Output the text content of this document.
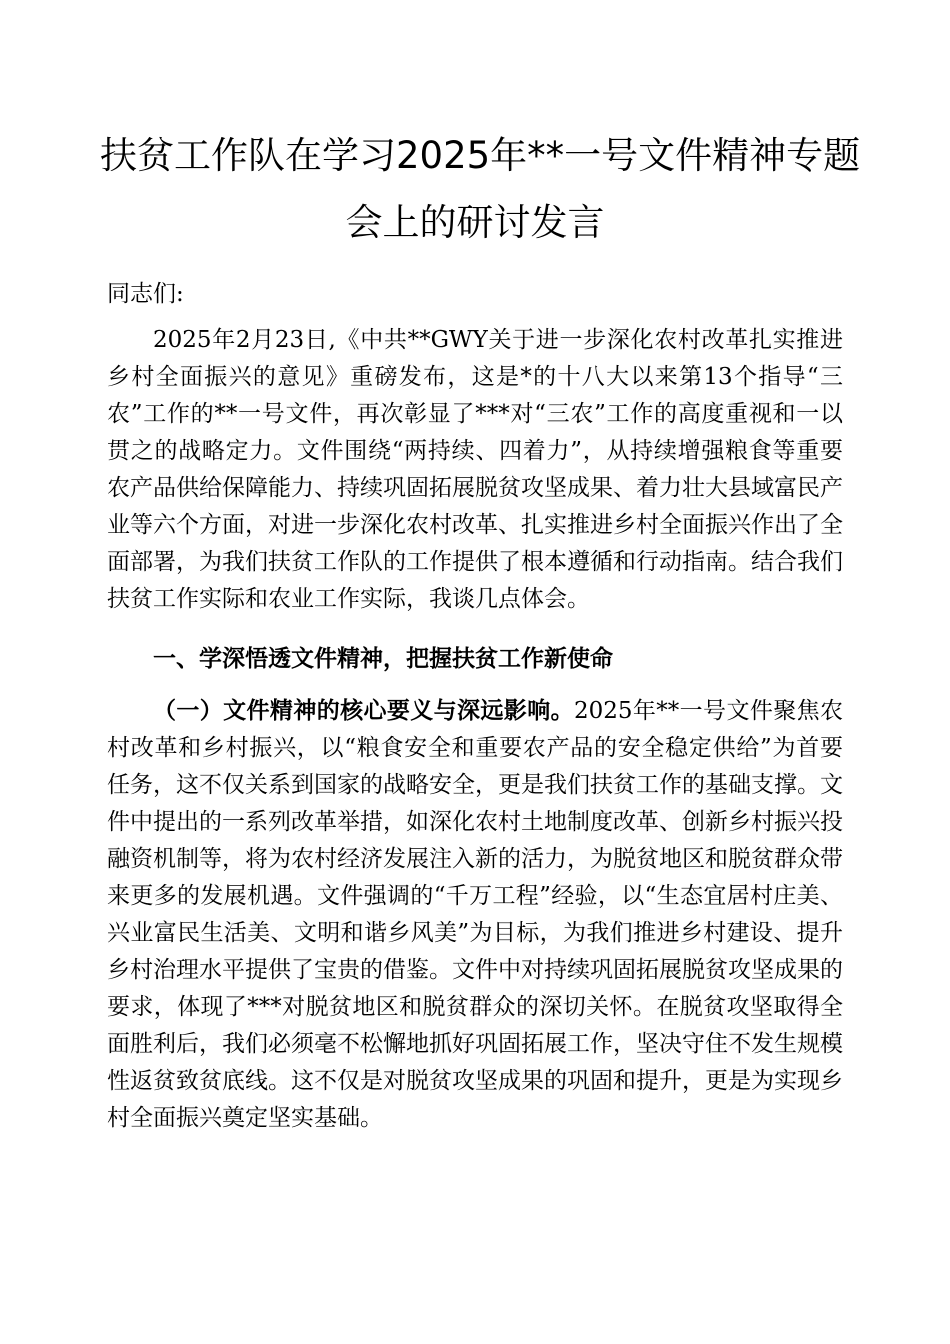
扶贫工作队在学习2025年**一号文件精神专题
会上的研讨发言
同志们:

2025年2月23日,《中共**GWY关于进一步深化农村改革扎实推进乡村全面振兴的意见》重磅发布，这是*的十八大以来第13个指导“三农”工作的**一号文件，再次彰显了***对“三农”工作的高度重视和一以贯之的战略定力。文件围绕“两持续、四着力”，从持续增强粮食等重要农产品供给保障能力、持续巩固拓展脱贫攻坚成果、着力壮大县域富民产业等六个方面，对进一步深化农村改革、扎实推进乡村全面振兴作出了全面部署，为我们扶贫工作队的工作提供了根本遵循和行动指南。结合我们扶贫工作实际和农业工作实际，我谈几点体会。

一、学深悟透文件精神，把握扶贫工作新使命

（一）文件精神的核心要义与深远影响。2025年**一号文件聚焦农村改革和乡村振兴，以“粮食安全和重要农产品的安全稳定供给”为首要任务，这不仅关系到国家的战略安全，更是我们扶贫工作的基础支撑。文件中提出的一系列改革举措，如深化农村土地制度改革、创新乡村振兴投融资机制等，将为农村经济发展注入新的活力，为脱贫地区和脱贫群众带来更多的发展机遇。文件强调的“千万工程”经验，以“生态宜居村庄美、兴业富民生活美、文明和谐乡风美”为目标，为我们推进乡村建设、提升乡村治理水平提供了宝贵的借鉴。文件中对持续巩固拓展脱贫攻坚成果的要求，体现了***对脱贫地区和脱贫群众的深切关怀。在脱贫攻坚取得全面胜利后，我们必须毫不松懈地抓好巩固拓展工作，坚决守住不发生规模性返贫致贫底线。这不仅是对脱贫攻坚成果的巩固和提升，更是为实现乡村全面振兴奠定坚实基础。
